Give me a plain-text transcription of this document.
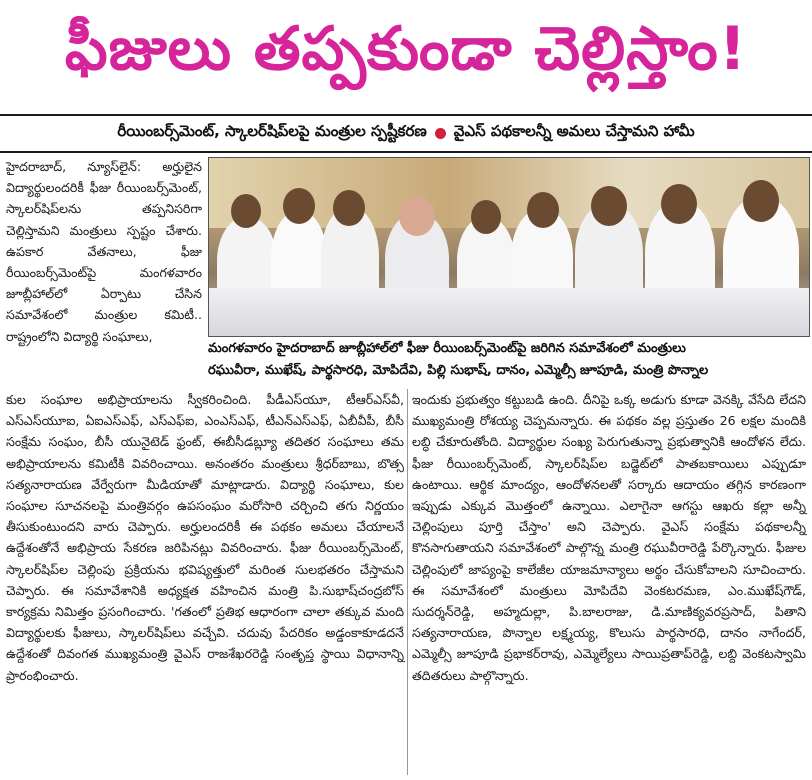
ఫీజులు తప్పకుండా చెల్లిస్తాం!
రీయింబర్స్‌మెంట్‌, స్కాలర్‌షిప్‌లపై మంత్రుల స్పష్టీకరణ వైఎస్‌ పథకాలన్నీ అమలు చేస్తామని హామీ

హైదరాబాద్‌, న్యూస్‌లైన్‌: అర్హులైన విద్యార్థులందరికీ ఫీజు రీయింబర్స్‌మెంట్‌, స్కాలర్‌షిప్‌లను తప్పనిసరిగా చెల్లిస్తామని మంత్రులు స్పష్టం చేశారు. ఉపకార వేతనాలు, ఫీజు రీయింబర్స్‌మెంట్‌పై మంగళవారం జూబ్లీహాల్‌లో ఏర్పాటు చేసిన సమావేశంలో మంత్రుల కమిటీ.. రాష్ట్రంలోని విద్యార్థి సంఘాలు,

మంగళవారం హైదరాబాద్‌ జూబ్లీహాల్‌లో ఫీజు రీయింబర్స్‌మెంట్‌పై జరిగిన సమావేశంలో మంత్రులు
రఘువీరా, ముఖేష్‌, పార్థసారధి, మోపిదేవి, పిల్లి సుభాష్‌, దానం, ఎమ్మెల్సీ జూపూడి, మంత్రి పొన్నాల

కుల సంఘాల అభిప్రాయాలను స్వీకరించింది. పీడీఎస్‌యూ, టీఆర్‌ఎస్‌వీ, ఎస్‌ఎస్‌యూఐ, ఏఐఎస్‌ఎఫ్‌, ఎస్‌ఎఫ్‌ఐ, ఎంఎస్‌ఎఫ్‌, టీఎన్‌ఎస్‌ఎఫ్‌, ఏబీవీపీ, బీసీ సంక్షేమ సంఘం, బీసీ యునైటెడ్‌ ఫ్రంట్‌, ఈబీసీడబ్ల్యూ తదితర సంఘాలు తమ అభిప్రాయాలను కమిటీకి వివరించాయి. అనంతరం మంత్రులు శ్రీధర్‌బాబు, బొత్స సత్యనారాయణ వేర్వేరుగా మీడియాతో మాట్లాడారు. విద్యార్థి సంఘాలు, కుల సంఘాల సూచనలపై మంత్రివర్గం ఉపసంఘం మరోసారి చర్చించి తగు నిర్ణయం తీసుకుంటుందని వారు చెప్పారు. అర్హులందరికీ ఈ పథకం అమలు చేయాలనే ఉద్దేశంతోనే అభిప్రాయ సేకరణ జరిపినట్లు వివరించారు. ఫీజు రీయింబర్స్‌మెంట్‌, స్కాలర్‌షిప్‌ల చెల్లింపు ప్రక్రియను భవిష్యత్తులో మరింత సులభతరం చేస్తామని చెప్పారు. ఈ సమావేశానికి అధ్యక్షత వహించిన మంత్రి పి.సుభాష్‌చంద్రబోస్‌ కార్యక్రమ నిమిత్తం ప్రసంగించారు. 'గతంలో ప్రతిభ ఆధారంగా చాలా తక్కువ మంది విద్యార్థులకు ఫీజులు, స్కాలర్‌షిప్‌లు వచ్చేవి. చదువు పేదరికం అడ్డంకాకూడదనే ఉద్దేశంతో దివంగత ముఖ్యమంత్రి వైఎస్‌ రాజశేఖరరెడ్డి సంతృప్త స్థాయి విధానాన్ని ప్రారంభించారు.

ఇందుకు ప్రభుత్వం కట్టుబడి ఉంది. దీనిపై ఒక్క అడుగు కూడా వెనక్కి వేసేది లేదని ముఖ్యమంత్రి రోశయ్య చెప్పమన్నారు. ఈ పథకం వల్ల ప్రస్తుతం 26 లక్షల మందికి లబ్ధి చేకూరుతోంది. విద్యార్థుల సంఖ్య పెరుగుతున్నా ప్రభుత్వానికి ఆందోళన లేదు. ఫీజు రీయింబర్స్‌మెంట్‌, స్కాలర్‌షిప్‌ల బడ్జెట్‌లో పాతబకాయిలు ఎప్పుడూ ఉంటాయి. ఆర్థిక మాంద్యం, ఆందోళనలతో సర్కారు ఆదాయం తగ్గిన కారణంగా ఇప్పుడు ఎక్కువ మొత్తంలో ఉన్నాయి. ఎలాగైనా ఆగస్టు ఆఖరు కల్లా అన్నీ చెల్లింపులు పూర్తి చేస్తాం' అని చెప్పారు. వైఎస్‌ సంక్షేమ పథకాలన్నీ కొనసాగుతాయని సమావేశంలో పాల్గొన్న మంత్రి రఘువీరారెడ్డి పేర్కొన్నారు. ఫీజుల చెల్లింపులో జాప్యంపై కాలేజీల యాజమాన్యాలు అర్థం చేసుకోవాలని సూచించారు. ఈ సమావేశంలో మంత్రులు మోపిదేవి వెంకటరమణ, ఎం.ముఖేష్‌గౌడ్‌, సుదర్శన్‌రెడ్డి, అహ్మదుల్లా, పి.బాలరాజు, డి.మాణిక్యవరప్రసాద్‌, పితాని సత్యనారాయణ, పొన్నాల లక్ష్మయ్య, కొలుసు పార్థసారధి, దానం నాగేందర్‌, ఎమ్మెల్సీ జూపూడి ప్రభాకర్‌రావు, ఎమ్మెల్యేలు సాయిప్రతాప్‌రెడ్డి, లబ్ది వెంకటస్వామి తదితరులు పాల్గొన్నారు.
